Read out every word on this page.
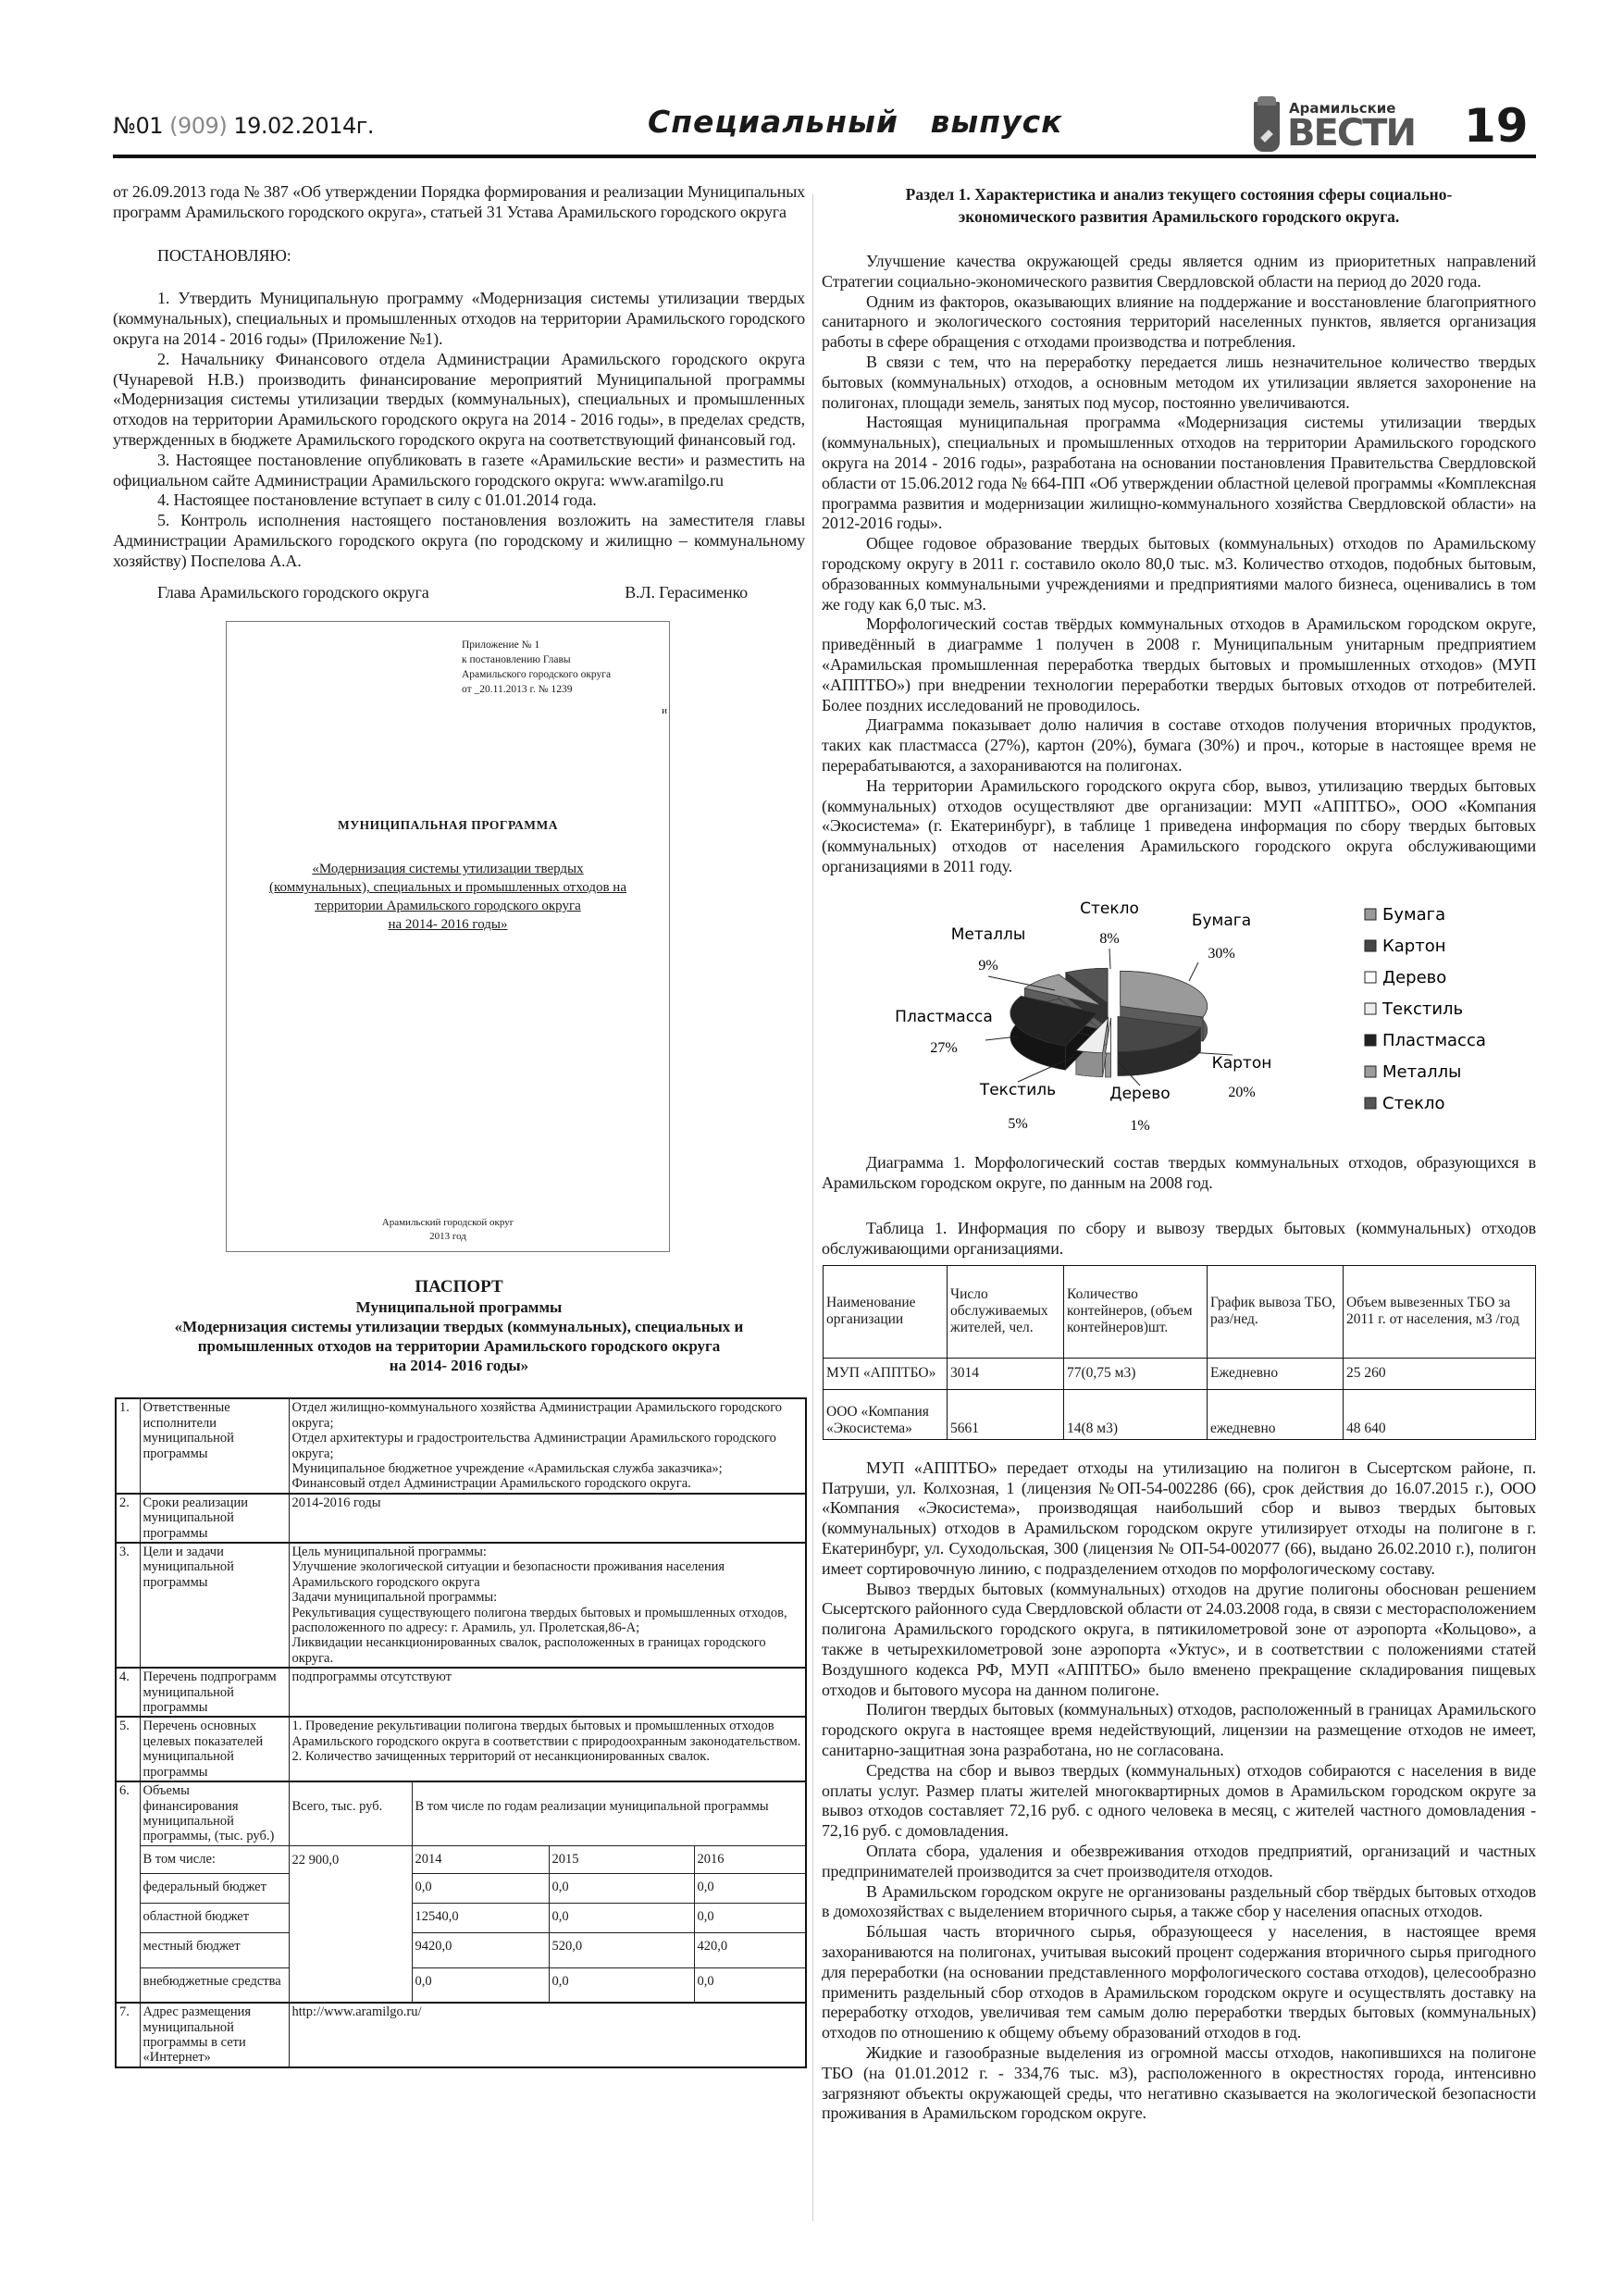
№01 (909) 19.02.2014г.	Специальный выпуск	Арамильские
ВЕСТИ 19
от 26.09.2013 года № 387 «Об утверждении Порядка формирования и реализации Муниципальных программ Арамильского городского округа», статьей 31 Устава Арамильского городского округа

ПОСТАНОВЛЯЮ:

1. Утвердить Муниципальную программу «Модернизация системы утилизации твердых (коммунальных), специальных и промышленных отходов на территории Арамильского городского округа на 2014 - 2016 годы» (Приложение №1).

2. Начальнику Финансового отдела Администрации Арамильского городского округа (Чунаревой Н.В.) производить финансирование мероприятий Муниципальной программы «Модернизация системы утилизации твердых (коммунальных), специальных и промышленных отходов на территории Арамильского городского округа на 2014 - 2016 годы», в пределах средств, утвержденных в бюджете Арамильского городского округа на соответствующий финансовый год.

3. Настоящее постановление опубликовать в газете «Арамильские вести» и разместить на официальном сайте Администрации Арамильского городского округа: www.aramilgo.ru

4. Настоящее постановление вступает в силу с 01.01.2014 года.

5. Контроль исполнения настоящего постановления возложить на заместителя главы Администрации Арамильского городского округа (по городскому и жилищно – коммунальному хозяйству) Поспелова А.А.

Глава Арамильского городского округа	В.Л. Герасименко
Приложение № 1
к постановлению Главы
Арамильского городского округа
от _20.11.2013 г. № 1239
и
МУНИЦИПАЛЬНАЯ ПРОГРАММА
«Модернизация системы утилизации твердых
(коммунальных), специальных и промышленных отходов на
территории Арамильского городского округа
на 2014- 2016 годы»
Арамильский городской округ
2013 год
ПАСПОРТ
Муниципальной программы
«Модернизация системы утилизации твердых (коммунальных), специальных и
промышленных отходов на территории Арамильского городского округа
на 2014- 2016 годы»
1.	Ответственные исполнители муниципальной программы	Отдел жилищно-коммунального хозяйства Администрации Арамильского городского округа;
Отдел архитектуры и градостроительства Администрации Арамильского городского округа;
Муниципальное бюджетное учреждение «Арамильская служба заказчика»;
Финансовый отдел Администрации Арамильского городского округа.			

2.	Сроки реализации муниципальной программы	2014-2016 годы			

3.	Цели и задачи муниципальной программы	Цель муниципальной программы:
Улучшение экологической ситуации и безопасности проживания населения Арамильского городского округа
Задачи муниципальной программы:
Рекультивация существующего полигона твердых бытовых и промышленных отходов, расположенного по адресу: г. Арамиль, ул. Пролетская,86-А;
Ликвидации несанкционированных свалок, расположенных в границах городского округа.			

4.	Перечень подпрограмм муниципальной программы	подпрограммы отсутствуют			

5.	Перечень основных целевых показателей муниципальной программы	1. Проведение рекультивации полигона твердых бытовых и промышленных отходов Арамильского городского округа в соответствии с природоохранным законодательством.
2. Количество зачищенных территорий от несанкционированных свалок.			

6.	Объемы финансирования муниципальной программы, (тыс. руб.)	Всего, тыс. руб.	В том числе по годам реализации муниципальной программы		
	В том числе:	22 900,0	2014	2015	2016
	федеральный бюджет		0,0	0,0	0,0
	областной бюджет		12540,0	0,0	0,0
	местный бюджет		9420,0	520,0	420,0
	внебюджетные средства		0,0	0,0	0,0
7.	Адрес размещения муниципальной программы в сети «Интернет»	http://www.aramilgo.ru/			
Раздел 1. Характеристика и анализ текущего состояния сферы социально-
экономического развития Арамильского городского округа.

Улучшение качества окружающей среды является одним из приоритетных направлений Стратегии социально-экономического развития Свердловской области на период до 2020 года.

Одним из факторов, оказывающих влияние на поддержание и восстановление благоприятного санитарного и экологического состояния территорий населенных пунктов, является организация работы в сфере обращения с отходами производства и потребления.

В связи с тем, что на переработку передается лишь незначительное количество твердых бытовых (коммунальных) отходов, а основным методом их утилизации является захоронение на полигонах, площади земель, занятых под мусор, постоянно увеличиваются.

Настоящая муниципальная программа «Модернизация системы утилизации твердых (коммунальных), специальных и промышленных отходов на территории Арамильского городского округа на 2014 - 2016 годы», разработана на основании постановления Правительства Свердловской области от 15.06.2012 года № 664-ПП «Об утверждении областной целевой программы «Комплексная программа развития и модернизации жилищно-коммунального хозяйства Свердловской области» на 2012-2016 годы».

Общее годовое образование твердых бытовых (коммунальных) отходов по Арамильскому городскому округу в 2011 г. составило около 80,0 тыс. м3. Количество отходов, подобных бытовым, образованных коммунальными учреждениями и предприятиями малого бизнеса, оценивались в том же году как 6,0 тыс. м3.

Морфологический состав твёрдых коммунальных отходов в Арамильском городском округе, приведённый в диаграмме 1 получен в 2008 г. Муниципальным унитарным предприятием «Арамильская промышленная переработка твердых бытовых и промышленных отходов» (МУП «АППТБО») при внедрении технологии переработки твердых бытовых отходов от потребителей. Более поздних исследований не проводилось.

Диаграмма показывает долю наличия в составе отходов получения вторичных продуктов, таких как пластмасса (27%), картон (20%), бумага (30%) и проч., которые в настоящее время не перерабатываются, а захораниваются на полигонах.

На территории Арамильского городского округа сбор, вывоз, утилизацию твердых бытовых (коммунальных) отходов осуществляют две организации: МУП «АППТБО», ООО «Компания «Экосистема» (г. Екатеринбург), в таблице 1 приведена информация по сбору твердых бытовых (коммунальных) отходов от населения Арамильского городского округа обслуживающими организациями в 2011 году.

Бумага
30%
Бумага
Картон
20%
Картон
Дерево
1%
Дерево
Текстиль
5%
Текстиль
Пластмасса
27%	Пластмасса
Металлы
9%
Металлы
Стекло
8%
Стекло

Диаграмма 1. Морфологический состав твердых коммунальных отходов, образующихся в Арамильском городском округе, по данным на 2008 год.

Таблица 1. Информация по сбору и вывозу твердых бытовых (коммунальных) отходов обслуживающими организациями.

Наименование организации	Число обслуживаемых жителей, чел.	Количество контейнеров, (объем контейнеров)шт.	График вывоза ТБО, раз/нед.	Объем вывезенных ТБО за 2011 г. от населения, м3 /год
МУП «АППТБО»	3014	77(0,75 м3)	Ежедневно	25 260
ООО «Компания «Экосистема»	5661	14(8 м3)	ежедневно	48 640

МУП «АППТБО» передает отходы на утилизацию на полигон в Сысертском районе, п. Патруши, ул. Колхозная, 1 (лицензия №ОП-54-002286 (66), срок действия до 16.07.2015 г.), ООО «Компания «Экосистема», производящая наибольший сбор и вывоз твердых бытовых (коммунальных) отходов в Арамильском городском округе утилизирует отходы на полигоне в г. Екатеринбург, ул. Суходольская, 300 (лицензия № ОП-54-002077 (66), выдано 26.02.2010 г.), полигон имеет сортировочную линию, с подразделением отходов по морфологическому составу.

Вывоз твердых бытовых (коммунальных) отходов на другие полигоны обоснован решением Сысертского районного суда Свердловской области от 24.03.2008 года, в связи с месторасположением полигона Арамильского городского округа, в пятикилометровой зоне от аэропорта «Кольцово», а также в четырехкилометровой зоне аэропорта «Уктус», и в соответствии с положениями статей Воздушного кодекса РФ, МУП «АППТБО» было вменено прекращение складирования пищевых отходов и бытового мусора на данном полигоне.

Полигон твердых бытовых (коммунальных) отходов, расположенный в границах Арамильского городского округа в настоящее время недействующий, лицензии на размещение отходов не имеет, санитарно-защитная зона разработана, но не согласована.

Средства на сбор и вывоз твердых (коммунальных) отходов собираются с населения в виде оплаты услуг. Размер платы жителей многоквартирных домов в Арамильском городском округе за вывоз отходов составляет 72,16 руб. с одного человека в месяц, с жителей частного домовладения - 72,16 руб. с домовладения.

Оплата сбора, удаления и обезвреживания отходов предприятий, организаций и частных предпринимателей производится за счет производителя отходов.

В Арамильском городском округе не организованы раздельный сбор твёрдых бытовых отходов в домохозяйствах с выделением вторичного сырья, а также сбор у населения опасных отходов.

Бóльшая часть вторичного сырья, образующееся у населения, в настоящее время захораниваются на полигонах, учитывая высокий процент содержания вторичного сырья пригодного для переработки (на основании представленного морфологического состава отходов), целесообразно применить раздельный сбор отходов в Арамильском городском округе и осуществлять доставку на переработку отходов, увеличивая тем самым долю переработки твердых бытовых (коммунальных) отходов по отношению к общему объему образований отходов в год.

Жидкие и газообразные выделения из огромной массы отходов, накопившихся на полигоне ТБО (на 01.01.2012 г. - 334,76 тыс. м3), расположенного в окрестностях города, интенсивно загрязняют объекты окружающей среды, что негативно сказывается на экологической безопасности проживания в Арамильском городском округе.
